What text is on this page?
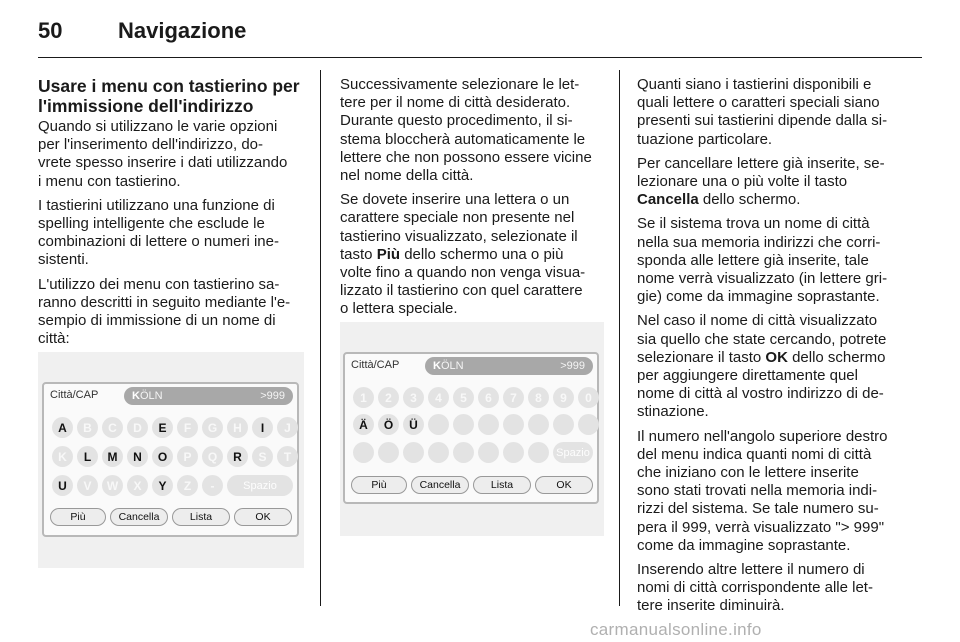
50	Navigazione
Usare i menu con tastierino per
l'immissione dell'indirizzo

Quando si utilizzano le varie opzioni
per l'inserimento dell'indirizzo, do-
vrete spesso inserire i dati utilizzando
i menu con tastierino.

I tastierini utilizzano una funzione di
spelling intelligente che esclude le
combinazioni di lettere o numeri ine-
sistenti.

L'utilizzo dei menu con tastierino sa-
ranno descritti in seguito mediante l'e-
sempio di immissione di un nome di
città:

Successivamente selezionare le let-
tere per il nome di città desiderato.
Durante questo procedimento, il si-
stema bloccherà automaticamente le
lettere che non possono essere vicine
nel nome della città.

Se dovete inserire una lettera o un
carattere speciale non presente nel
tastierino visualizzato, selezionate il
tasto Più dello schermo una o più
volte fino a quando non venga visua-
lizzato il tastierino con quel carattere
o lettera speciale.

Quanti siano i tastierini disponibili e
quali lettere o caratteri speciali siano
presenti sui tastierini dipende dalla si-
tuazione particolare.

Per cancellare lettere già inserite, se-
lezionare una o più volte il tasto
Cancella dello schermo.

Se il sistema trova un nome di città
nella sua memoria indirizzi che corri-
sponda alle lettere già inserite, tale
nome verrà visualizzato (in lettere gri-
gie) come da immagine soprastante.

Nel caso il nome di città visualizzato
sia quello che state cercando, potrete
selezionare il tasto OK dello schermo
per aggiungere direttamente quel
nome di città al vostro indirizzo di de-
stinazione.

Il numero nell'angolo superiore destro
del menu indica quanti nomi di città
che iniziano con le lettere inserite
sono stati trovati nella memoria indi-
rizzi del sistema. Se tale numero su-
pera il 999, verrà visualizzato "> 999"
come da immagine soprastante.

Inserendo altre lettere il numero di
nomi di città corrispondente alle let-
tere inserite diminuirà.

Città/CAP	KÖLN	>999
A	B	C	D	E	F	G	H	I	J
K	L	M	N	O	P	Q	R	S	T
U	V	W	X	Y	Z	-	Spazio
Più	Cancella	Lista	OK
Città/CAP	KÖLN	>999
1	2	3	4	5	6	7	8	9	0
Ä	Ö	Ü
Spazio
Più	Cancella	Lista	OK
carmanualsonline.info
